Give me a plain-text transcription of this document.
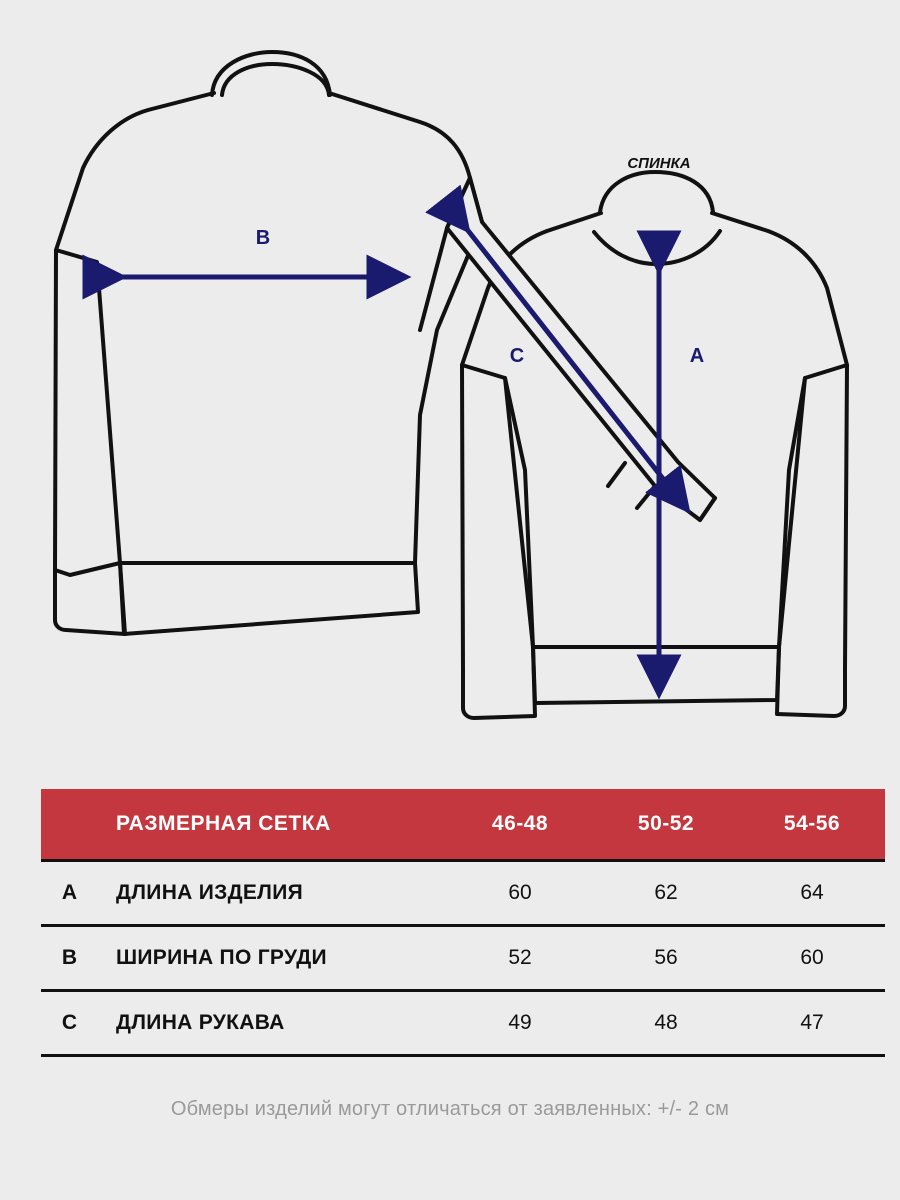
B
C	A
СПИНКА
	РАЗМЕРНАЯ СЕТКА	46-48	50-52	54-56
A	ДЛИНА ИЗДЕЛИЯ	60	62	64
B	ШИРИНА ПО ГРУДИ	52	56	60
C	ДЛИНА РУКАВА	49	48	47
Обмеры изделий могут отличаться от заявленных: +/- 2 см
